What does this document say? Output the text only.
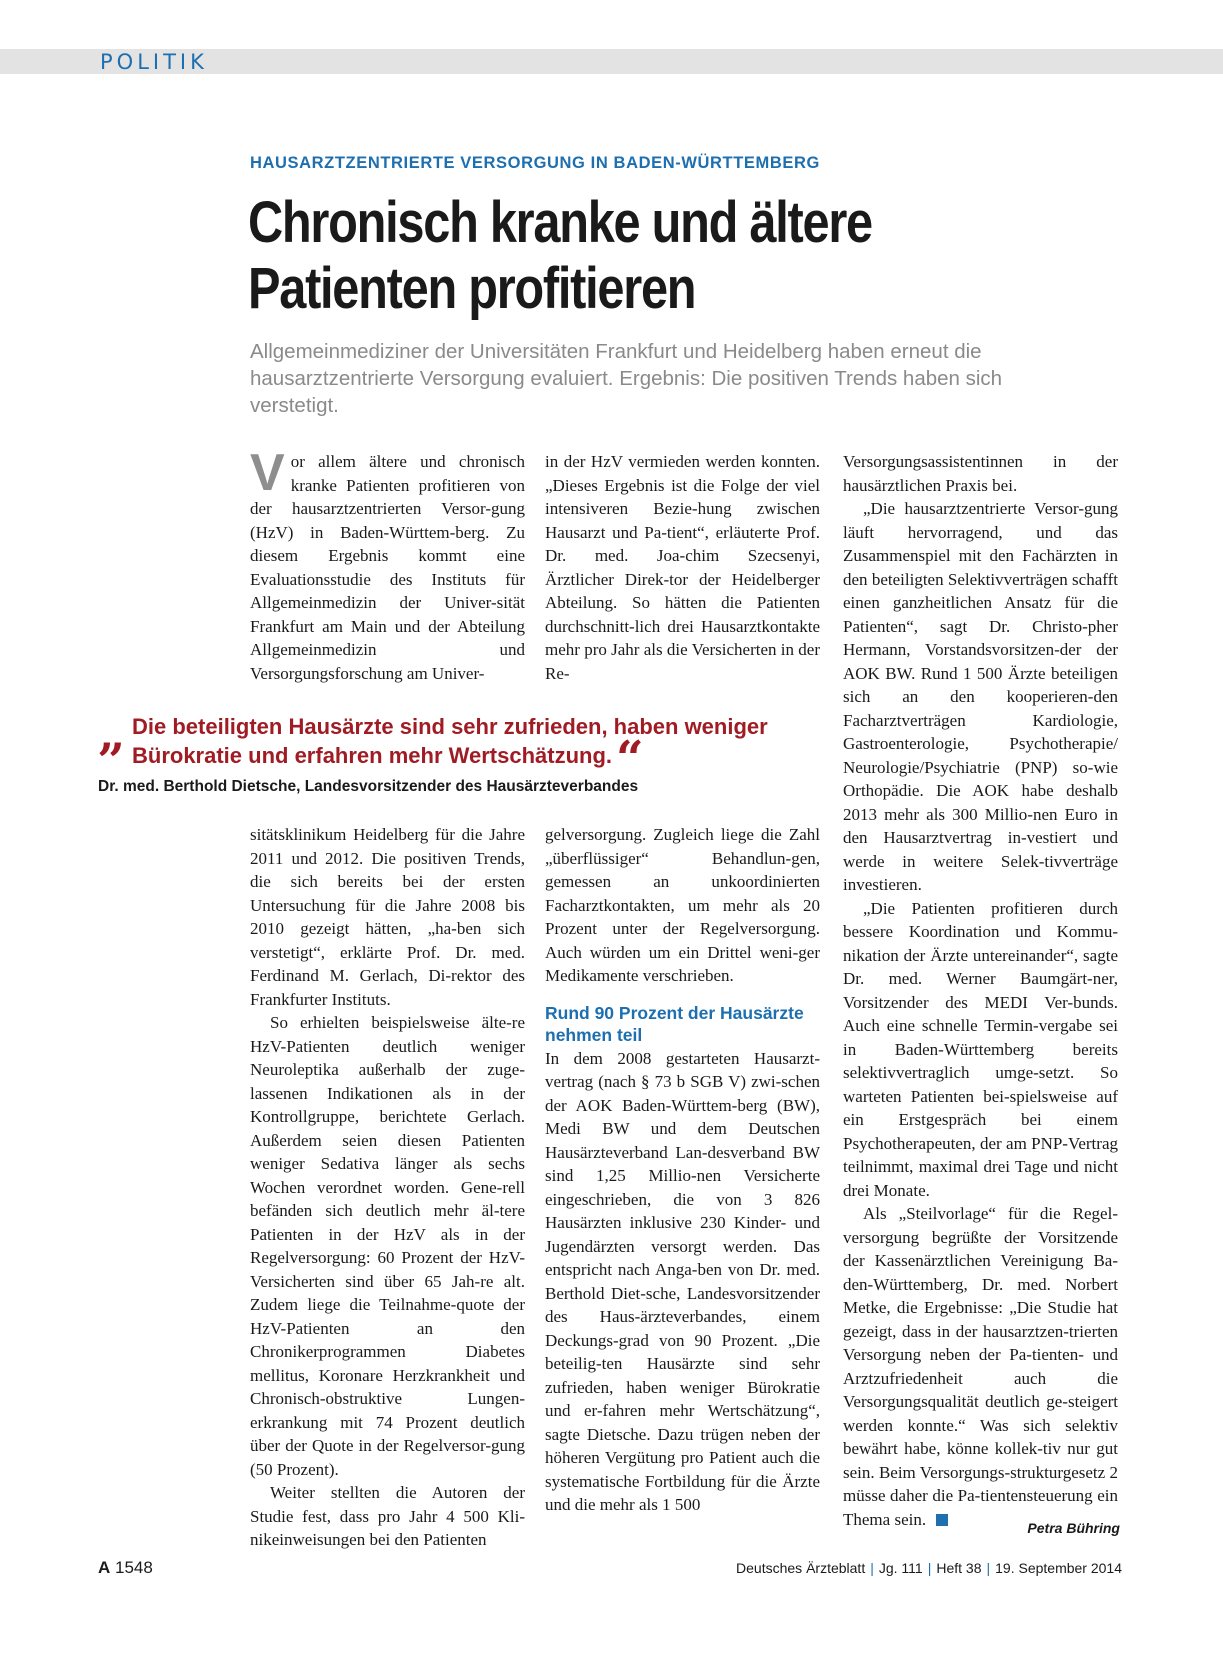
POLITIK
HAUSARZTZENTRIERTE VERSORGUNG IN BADEN-WÜRTTEMBERG
Chronisch kranke und ältere
Patienten profitieren
Allgemeinmediziner der Universitäten Frankfurt und Heidelberg haben erneut die hausarztzentrierte Versorgung evaluiert. Ergebnis: Die positiven Trends haben sich verstetigt.

Vor allem ältere und chronisch kranke Patienten profitieren von der hausarztzentrierten Versor-gung (HzV) in Baden-Württem-berg. Zu diesem Ergebnis kommt eine Evaluationsstudie des Instituts für Allgemeinmedizin der Univer-sität Frankfurt am Main und der Abteilung Allgemeinmedizin und Versorgungsforschung am Univer-

in der HzV vermieden werden konnten. „Dieses Ergebnis ist die Folge der viel intensiveren Bezie-hung zwischen Hausarzt und Pa-tient“, erläuterte Prof. Dr. med. Joa-chim Szecsenyi, Ärztlicher Direk-tor der Heidelberger Abteilung. So hätten die Patienten durchschnitt-lich drei Hausarztkontakte mehr pro Jahr als die Versicherten in der Re-

„ Die beteiligten Hausärzte sind sehr zufrieden, haben weniger Bürokratie und erfahren mehr Wertschätzung.“
Dr. med. Berthold Dietsche, Landesvorsitzender des Hausärzteverbandes

sitätsklinikum Heidelberg für die Jahre 2011 und 2012. Die positiven Trends, die sich bereits bei der ersten Untersuchung für die Jahre 2008 bis 2010 gezeigt hätten, „ha-ben sich verstetigt“, erklärte Prof. Dr. med. Ferdinand M. Gerlach, Di-rektor des Frankfurter Instituts.

So erhielten beispielsweise älte-re HzV-Patienten deutlich weniger Neuroleptika außerhalb der zuge-lassenen Indikationen als in der Kontrollgruppe, berichtete Gerlach. Außerdem seien diesen Patienten weniger Sedativa länger als sechs Wochen verordnet worden. Gene-rell befänden sich deutlich mehr äl-tere Patienten in der HzV als in der Regelversorgung: 60 Prozent der HzV-Versicherten sind über 65 Jah-re alt. Zudem liege die Teilnahme-quote der HzV-Patienten an den Chronikerprogrammen Diabetes mellitus, Koronare Herzkrankheit und Chronisch-obstruktive Lungen-erkrankung mit 74 Prozent deutlich über der Quote in der Regelversor-gung (50 Prozent).

Weiter stellten die Autoren der Studie fest, dass pro Jahr 4 500 Kli-nikeinweisungen bei den Patienten

gelversorgung. Zugleich liege die Zahl „überflüssiger“ Behandlun-gen, gemessen an unkoordinierten Facharztkontakten, um mehr als 20 Prozent unter der Regelversorgung. Auch würden um ein Drittel weni-ger Medikamente verschrieben.

Rund 90 Prozent der Hausärzte nehmen teil

In dem 2008 gestarteten Hausarzt-vertrag (nach § 73 b SGB V) zwi-schen der AOK Baden-Württem-berg (BW), Medi BW und dem Deutschen Hausärzteverband Lan-desverband BW sind 1,25 Millio-nen Versicherte eingeschrieben, die von 3 826 Hausärzten inklusive 230 Kinder- und Jugendärzten versorgt werden. Das entspricht nach Anga-ben von Dr. med. Berthold Diet-sche, Landesvorsitzender des Haus-ärzteverbandes, einem Deckungs-grad von 90 Prozent. „Die beteilig-ten Hausärzte sind sehr zufrieden, haben weniger Bürokratie und er-fahren mehr Wertschätzung“, sagte Dietsche. Dazu trügen neben der höheren Vergütung pro Patient auch die systematische Fortbildung für die Ärzte und die mehr als 1 500

Versorgungsassistentinnen in der hausärztlichen Praxis bei.

„Die hausarztzentrierte Versor-gung läuft hervorragend, und das Zusammenspiel mit den Fachärzten in den beteiligten Selektivverträgen schafft einen ganzheitlichen Ansatz für die Patienten“, sagt Dr. Christo-pher Hermann, Vorstandsvorsitzen-der der AOK BW. Rund 1 500 Ärzte beteiligen sich an den kooperieren-den Facharztverträgen Kardiologie, Gastroenterologie, Psychotherapie/ Neurologie/Psychiatrie (PNP) so-wie Orthopädie. Die AOK habe deshalb 2013 mehr als 300 Millio-nen Euro in den Hausarztvertrag in-vestiert und werde in weitere Selek-tivverträge investieren.

„Die Patienten profitieren durch bessere Koordination und Kommu-nikation der Ärzte untereinander“, sagte Dr. med. Werner Baumgärt-ner, Vorsitzender des MEDI Ver-bunds. Auch eine schnelle Termin-vergabe sei in Baden-Württemberg bereits selektivvertraglich umge-setzt. So warteten Patienten bei-spielsweise auf ein Erstgespräch bei einem Psychotherapeuten, der am PNP-Vertrag teilnimmt, maximal drei Tage und nicht drei Monate.

Als „Steilvorlage“ für die Regel-versorgung begrüßte der Vorsitzende der Kassenärztlichen Vereinigung Ba-den-Württemberg, Dr. med. Norbert Metke, die Ergebnisse: „Die Studie hat gezeigt, dass in der hausarztzen-trierten Versorgung neben der Pa-tienten- und Arztzufriedenheit auch die Versorgungsqualität deutlich ge-steigert werden konnte.“ Was sich selektiv bewährt habe, könne kollek-tiv nur gut sein. Beim Versorgungs-strukturgesetz 2 müsse daher die Pa-tientensteuerung ein Thema sein.	Petra Bühring
A 1548	Deutsches Ärzteblatt | Jg. 111 | Heft 38 | 19. September 2014
